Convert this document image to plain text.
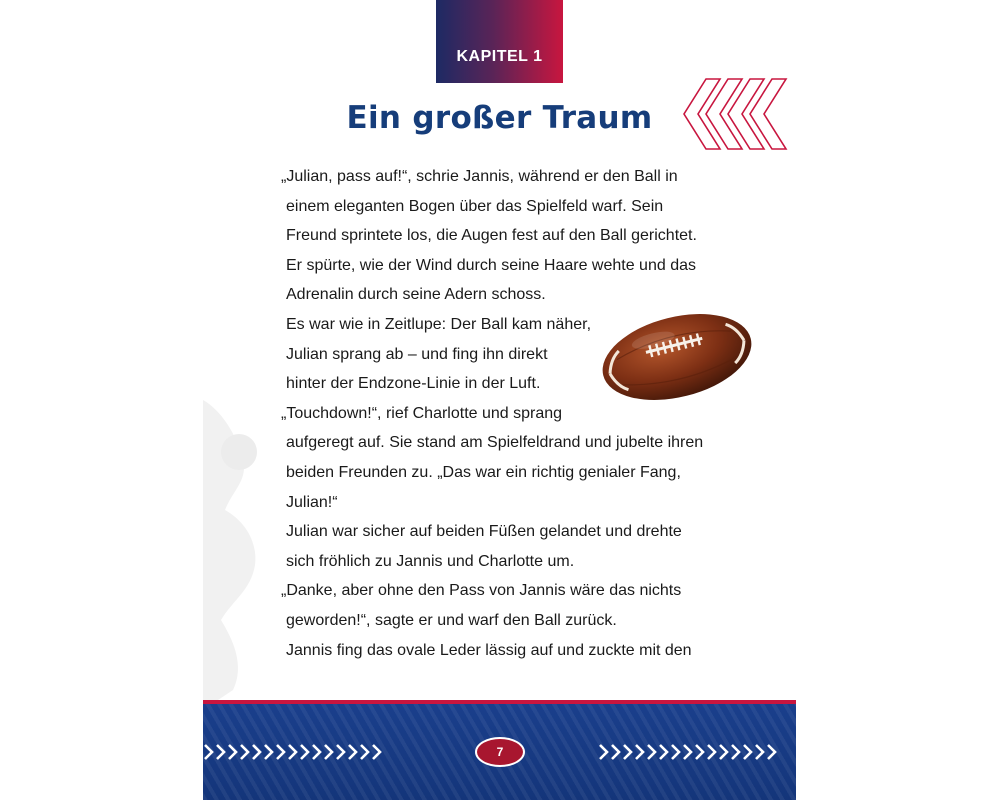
KAPITEL 1
Ein großer Traum
„Julian, pass auf!“, schrie Jannis, während er den Ball in
einem eleganten Bogen über das Spielfeld warf. Sein
Freund sprintete los, die Augen fest auf den Ball gerichtet.
Er spürte, wie der Wind durch seine Haare wehte und das
Adrenalin durch seine Adern schoss.
Es war wie in Zeitlupe: Der Ball kam näher,
Julian sprang ab – und fing ihn direkt
hinter der Endzone-Linie in der Luft.
„Touchdown!“, rief Charlotte und sprang
aufgeregt auf. Sie stand am Spielfeldrand und jubelte ihren
beiden Freunden zu. „Das war ein richtig genialer Fang,
Julian!“
Julian war sicher auf beiden Füßen gelandet und drehte
sich fröhlich zu Jannis und Charlotte um.
„Danke, aber ohne den Pass von Jannis wäre das nichts
geworden!“, sagte er und warf den Ball zurück.
Jannis fing das ovale Leder lässig auf und zuckte mit den
7
